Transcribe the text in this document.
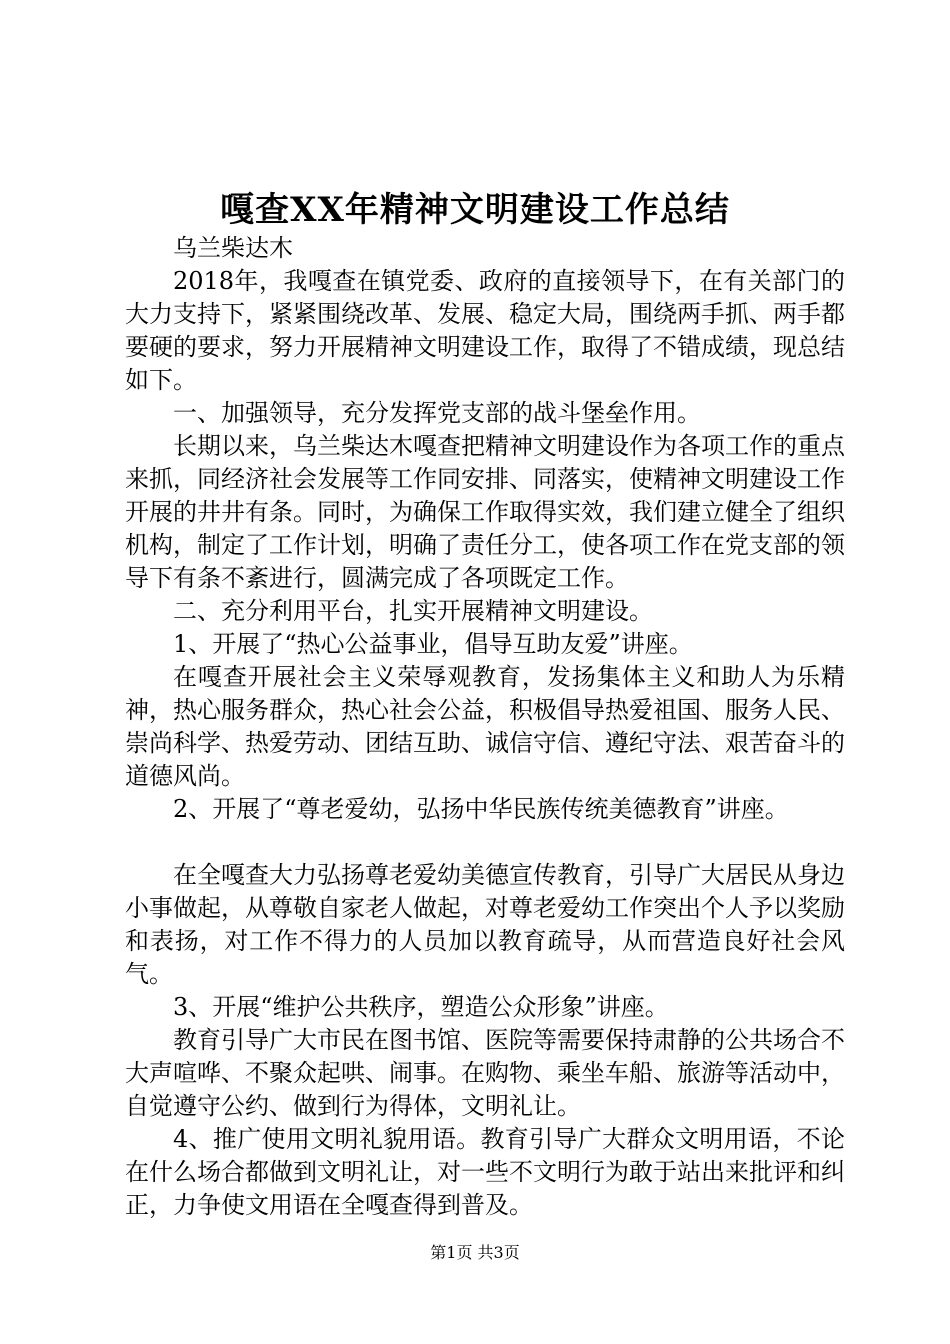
嘎查XX年精神文明建设工作总结

乌兰柴达木

2018年，我嘎查在镇党委、政府的直接领导下，在有关部门的大力支持下，紧紧围绕改革、发展、稳定大局，围绕两手抓、两手都要硬的要求，努力开展精神文明建设工作，取得了不错成绩，现总结如下。

一、加强领导，充分发挥党支部的战斗堡垒作用。

长期以来，乌兰柴达木嘎查把精神文明建设作为各项工作的重点来抓，同经济社会发展等工作同安排、同落实，使精神文明建设工作开展的井井有条。同时，为确保工作取得实效，我们建立健全了组织机构，制定了工作计划，明确了责任分工，使各项工作在党支部的领导下有条不紊进行，圆满完成了各项既定工作。

二、充分利用平台，扎实开展精神文明建设。

1、开展了“热心公益事业，倡导互助友爱”讲座。

在嘎查开展社会主义荣辱观教育，发扬集体主义和助人为乐精神，热心服务群众，热心社会公益，积极倡导热爱祖国、服务人民、崇尚科学、热爱劳动、团结互助、诚信守信、遵纪守法、艰苦奋斗的道德风尚。

2、开展了“尊老爱幼，弘扬中华民族传统美德教育”讲座。

在全嘎查大力弘扬尊老爱幼美德宣传教育，引导广大居民从身边小事做起，从尊敬自家老人做起，对尊老爱幼工作突出个人予以奖励和表扬，对工作不得力的人员加以教育疏导，从而营造良好社会风气。

3、开展“维护公共秩序，塑造公众形象”讲座。

教育引导广大市民在图书馆、医院等需要保持肃静的公共场合不大声喧哗、不聚众起哄、闹事。在购物、乘坐车船、旅游等活动中，自觉遵守公约、做到行为得体，文明礼让。

4、推广使用文明礼貌用语。教育引导广大群众文明用语，不论在什么场合都做到文明礼让，对一些不文明行为敢于站出来批评和纠正，力争使文用语在全嘎查得到普及。

第1页 共3页
